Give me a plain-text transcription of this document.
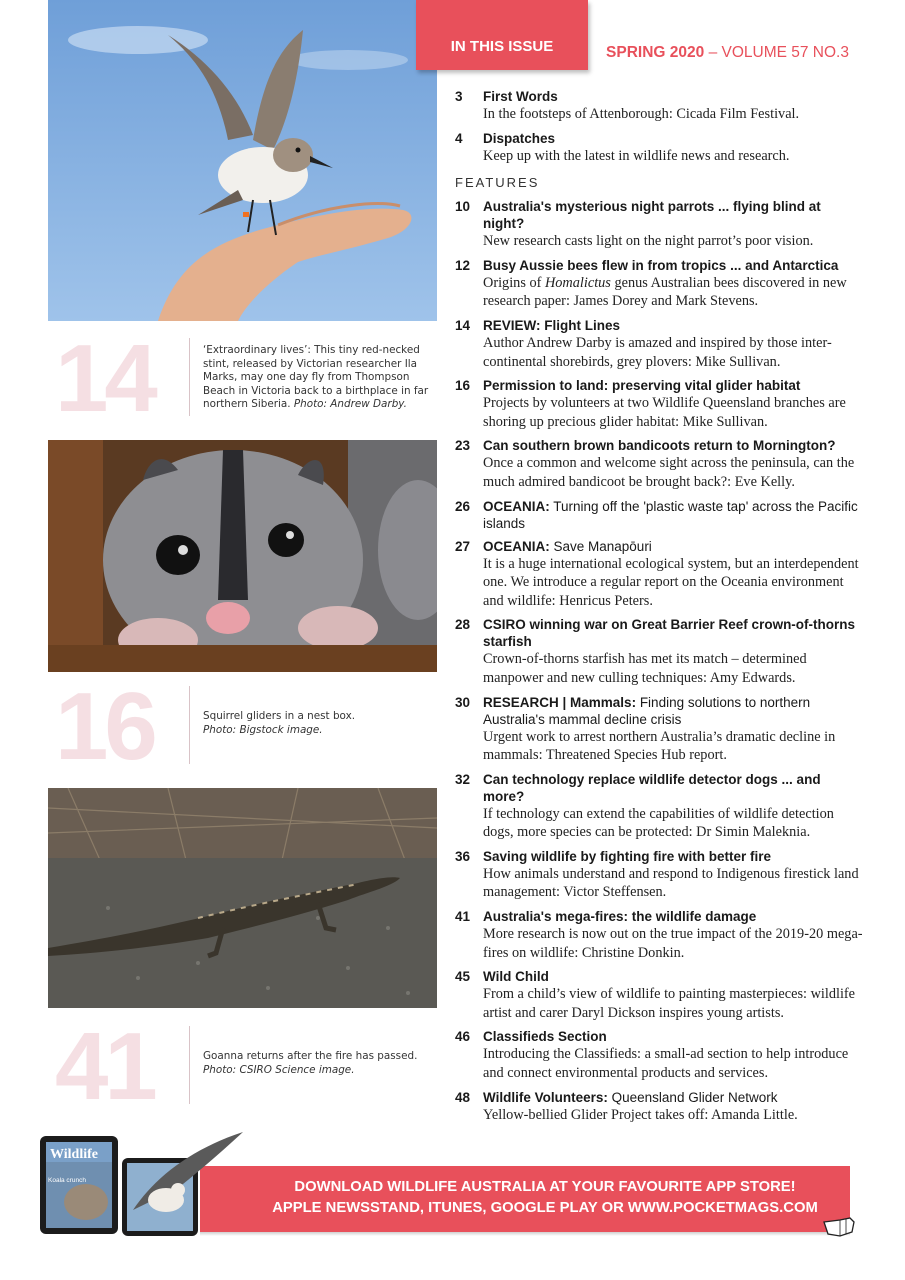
14	‘Extraordinary lives’: This tiny red-necked stint, released by Victorian researcher Ila Marks, may one day fly from Thompson Beach in Victoria back to a birthplace in far northern Siberia. Photo: Andrew Darby.
16	Squirrel gliders in a nest box.
Photo: Bigstock image.
41	Goanna returns after the fire has passed.
Photo: CSIRO Science image.
IN THIS ISSUE	SPRING 2020 – VOLUME 57 NO.3
3 First Words
In the footsteps of Attenborough: Cicada Film Festival.
4 Dispatches
Keep up with the latest in wildlife news and research.
FEATURES
10 Australia's mysterious night parrots ... flying blind at night?
New research casts light on the night parrot’s poor vision.
12 Busy Aussie bees flew in from tropics ... and Antarctica
Origins of Homalictus genus Australian bees discovered in new research paper: James Dorey and Mark Stevens.
14 REVIEW: Flight Lines
Author Andrew Darby is amazed and inspired by those inter-continental shorebirds, grey plovers: Mike Sullivan.
16 Permission to land: preserving vital glider habitat
Projects by volunteers at two Wildlife Queensland branches are shoring up precious glider habitat: Mike Sullivan.
23 Can southern brown bandicoots return to Mornington?
Once a common and welcome sight across the peninsula, can the much admired bandicoot be brought back?: Eve Kelly.
26 OCEANIA: Turning off the 'plastic waste tap' across the Pacific islands
27 OCEANIA: Save Manapōuri
It is a huge international ecological system, but an interdependent one. We introduce a regular report on the Oceania environment and wildlife: Henricus Peters.
28 CSIRO winning war on Great Barrier Reef crown-of-thorns starfish
Crown-of-thorns starfish has met its match – determined manpower and new culling techniques: Amy Edwards.
30 RESEARCH | Mammals: Finding solutions to northern Australia's mammal decline crisis
Urgent work to arrest northern Australia’s dramatic decline in mammals: Threatened Species Hub report.
32 Can technology replace wildlife detector dogs ... and more?
If technology can extend the capabilities of wildlife detection dogs, more species can be protected: Dr Simin Maleknia.
36 Saving wildlife by fighting fire with better fire
How animals understand and respond to Indigenous firestick land management: Victor Steffensen.
41 Australia's mega-fires: the wildlife damage
More research is now out on the true impact of the 2019-20 mega-fires on wildlife: Christine Donkin.
45 Wild Child
From a child’s view of wildlife to painting masterpieces: wildlife artist and carer Daryl Dickson inspires young artists.
46 Classifieds Section
Introducing the Classifieds: a small-ad section to help introduce and connect environmental products and services.
48 Wildlife Volunteers: Queensland Glider Network
Yellow-bellied Glider Project takes off: Amanda Little.
DOWNLOAD WILDLIFE AUSTRALIA AT YOUR FAVOURITE APP STORE!
APPLE NEWSSTAND, ITUNES, GOOGLE PLAY OR WWW.POCKETMAGS.COM
Wildlife
Koala crunch
